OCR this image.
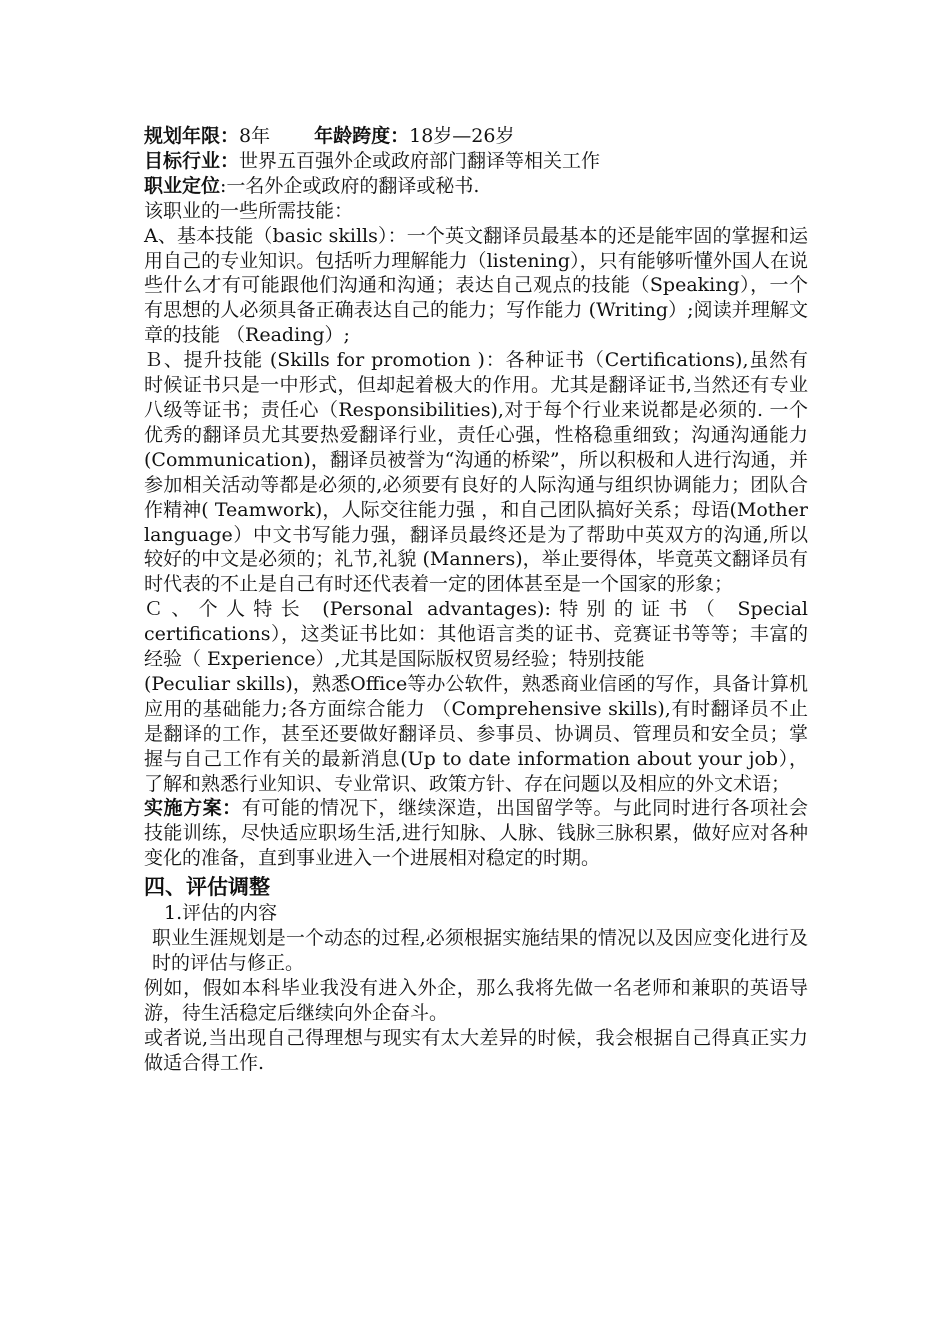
规划年限：8年 年龄跨度：18岁—26岁

目标行业：世界五百强外企或政府部门翻译等相关工作

职业定位:一名外企或政府的翻译或秘书.

该职业的一些所需技能：

A、基本技能（basic skills）：一个英文翻译员最基本的还是能牢固的掌握和运用自己的专业知识。包括听力理解能力（listening），只有能够听懂外国人在说些什么才有可能跟他们沟通和沟通；表达自己观点的技能（Speaking），一个有思想的人必须具备正确表达自己的能力；写作能力 (Writing）;阅读并理解文章的技能 （Reading）;

Ｂ、提升技能 (Skills for promotion )：各种证书（Certifications),虽然有时候证书只是一中形式，但却起着极大的作用。尤其是翻译证书,当然还有专业八级等证书；责任心（Responsibilities),对于每个行业来说都是必须的. 一个优秀的翻译员尤其要热爱翻译行业，责任心强，性格稳重细致；沟通沟通能力(Communication)，翻译员被誉为“沟通的桥梁”，所以积极和人进行沟通，并参加相关活动等都是必须的,必须要有良好的人际沟通与组织协调能力；团队合作精神( Teamwork)，人际交往能力强 ，和自己团队搞好关系；母语(Mother language）中文书写能力强，翻译员最终还是为了帮助中英双方的沟通,所以较好的中文是必须的；礼节,礼貌 (Manners)，举止要得体，毕竟英文翻译员有时代表的不止是自己有时还代表着一定的团体甚至是一个国家的形象；

Ｃ、个人特长 (Personal advantages):特别的证书（ Special certifications），这类证书比如：其他语言类的证书、竞赛证书等等；丰富的经验（ Experience）,尤其是国际版权贸易经验；特别技能

(Peculiar skills)，熟悉Office等办公软件，熟悉商业信函的写作，具备计算机应用的基础能力;各方面综合能力 （Comprehensive skills),有时翻译员不止是翻译的工作，甚至还要做好翻译员、参事员、协调员、管理员和安全员；掌握与自己工作有关的最新消息(Up to date information about your job），了解和熟悉行业知识、专业常识、政策方针、存在问题以及相应的外文术语；

实施方案：有可能的情况下，继续深造，出国留学等。与此同时进行各项社会技能训练，尽快适应职场生活,进行知脉、人脉、钱脉三脉积累，做好应对各种变化的准备，直到事业进入一个进展相对稳定的时期。

四、评估调整

1.评估的内容

职业生涯规划是一个动态的过程,必须根据实施结果的情况以及因应变化进行及时的评估与修正。

例如，假如本科毕业我没有进入外企，那么我将先做一名老师和兼职的英语导游，待生活稳定后继续向外企奋斗。

或者说,当出现自己得理想与现实有太大差异的时候，我会根据自己得真正实力做适合得工作.
